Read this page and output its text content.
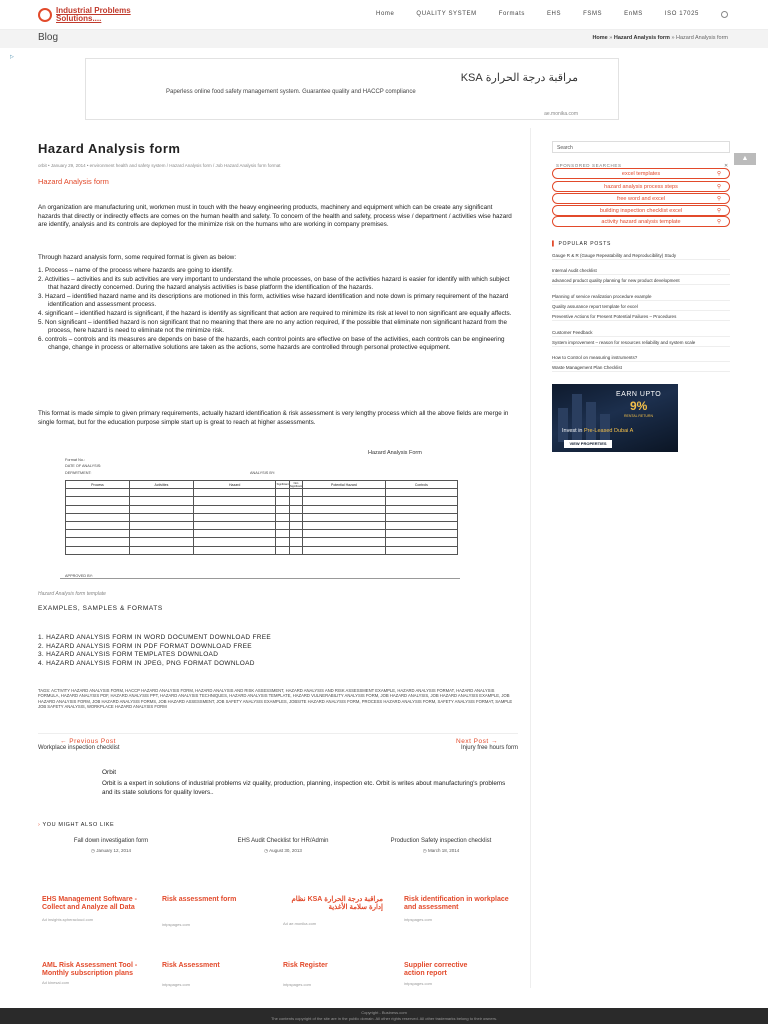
Industrial Problems
Solutions....	Home	QUALITY SYSTEM	Formats	EHS	FSMS	EnMS	ISO 17025
Blog	Home » Hazard Analysis form » Hazard Analysis form
▷
مراقبة درجة الحرارة KSA
Paperless online food safety management system. Guarantee quality and HACCP compliance
ae.monika.com
Hazard Analysis form
orbit • January 29, 2014 • environment health and safety system / Hazard Analysis form / Job Hazard Analysis form format
Hazard Analysis form
An organization are manufacturing unit, workmen must in touch with the heavy engineering products, machinery and equipment which can be create any significant hazards that directly or indirectly effects are comes on the human health and safety. To concern of the health and safety, process wise / department / activities wise hazard are identify, analysis and its controls are deployed for the minimize risk on the humans who are working in company premises.
Through hazard analysis form, some required format is given as below:
1. Process – name of the process where hazards are going to identify.
2. Activities – activities and its sub activities are very important to understand the whole processes, on base of the activities hazard is easier for identify with which subject that hazard directly concerned. During the hazard analysis activities is base platform the identification of the hazards.
3. Hazard – identified hazard name and its descriptions are motioned in this form, activities wise hazard identification and note down is primary requirement of the hazard identification and assessment process.
4. significant – identified hazard is significant, if the hazard is identify as significant that action are required to minimize its risk at level to non significant are equally affects.
5. Non significant – identified hazard is non significant that no meaning that there are no any action required, if the possible that eliminate non significant hazard from the process, here hazard is need to eliminate not the minimize risk.
6. controls – controls and its measures are depends on base of the hazards, each control points are effective on base of the activities, each controls can be engineering change, change in process or alternative solutions are taken as the actions, some hazards are controlled through personal protective equipment.
This format is made simple to given primary requirements, actually hazard identification & risk assessment is very lengthy process which all the above fields are merge in single format, but for the education purpose simple start up is great to reach at higher assessments.
Hazard Analysis Form
Format No.:
DATE OF ANALYSIS:
DEPARTMENT:	ANALYSIS BY:
Process	Activities	Hazard	Significant	Non Significant	Potential Hazard	Controls

APPROVED BY:
Hazard Analysis form template
EXAMPLES, SAMPLES & FORMATS
1. HAZARD ANALYSIS FORM IN WORD DOCUMENT DOWNLOAD FREE
2. HAZARD ANALYSIS FORM IN PDF FORMAT DOWNLOAD FREE
3. HAZARD ANALYSIS FORM TEMPLATES DOWNLOAD
4. HAZARD ANALYSIS FORM IN JPEG, PNG FORMAT DOWNLOAD
TAGS: ACTIVITY HAZARD ANALYSIS FORM, HACCP HAZARD ANALYSIS FORM, HAZARD ANALYSIS AND RISK ASSESSMENT, HAZARD ANALYSIS AND RISK ASSESSMENT EXAMPLE, HAZARD ANALYSIS FORMAT, HAZARD ANALYSIS FORMULA, HAZARD ANALYSIS PDF, HAZARD ANALYSIS PPT, HAZARD ANALYSIS TECHNIQUES, HAZARD ANALYSIS TEMPLATE, HAZARD VULNERABILITY ANALYSIS FORM, JOB HAZARD ANALYSIS, JOB HAZARD ANALYSIS EXAMPLE, JOB HAZARD ANALYSIS FORM, JOB HAZARD ANALYSIS FORMS, JOB HAZARD ASSESSMENT, JOB SAFETY ANALYSIS EXAMPLES, JOBSITE HAZARD ANALYSIS FORM, PROCESS HAZARD ANALYSIS FORM, SAFETY ANALYSIS FORMAT, SAMPLE JOB SAFETY ANALYSIS, WORKPLACE HAZARD ANALYSIS FORM
← Previous Post
Workplace inspection checklist
Next Post →
Injury free hours form
Orbit
Orbit is a expert in solutions of industrial problems viz quality, production, planning, inspection etc. Orbit is writes about manufacturing's problems and its state solutions for quality lovers..
› YOU MIGHT ALSO LIKE
Fall down investigation form
◷ January 12, 2014
EHS Audit Checklist for HR/Admin
◷ August 30, 2013
Production Safety inspection checklist
◷ March 18, 2014
EHS Management Software - Collect and Analyze all Data
Ad insights.spheracloud.com
Risk assessment form
intpspages.com
مراقبة درجة الحرارة KSA نظام إدارة سلامة الأغذية
Ad ae.monika.com
Risk identification in workplace and assessment
intpspages.com
AML Risk Assessment Tool - Monthly subscription plans
Ad kinesal.com
Risk Assessment
intpspages.com
Risk Register
intpspages.com
Supplier corrective action report
intpspages.com
Search
▲
SPONSORED SEARCHES	✕
excel templates	⚲
hazard analysis process steps	⚲
free word and excel	⚲
building inspection checklist excel	⚲
activity hazard analysis template	⚲
▌ POPULAR POSTS
Gauge R & R (Gauge Repeatability and Reproducibility) Study
Internal Audit checklist
advanced product quality planning for new product development
Planning of service realization procedure example
Quality assurance report template for excel
Preventive Actions for Present Potential Failures – Procedures
Customer Feedback
System improvement – reason for resources reliability and system scale
How to Control on measuring instruments?
Waste Management Plan Checklist
EARN UPTO
9%
RENTAL RETURN
Invest in Pre-Leased Dubai A
VIEW PROPERTIES
Copyright - Business.com
The contents copyright of the site are in the public domain. All other rights reserved. All other trademarks belong to their owners.
